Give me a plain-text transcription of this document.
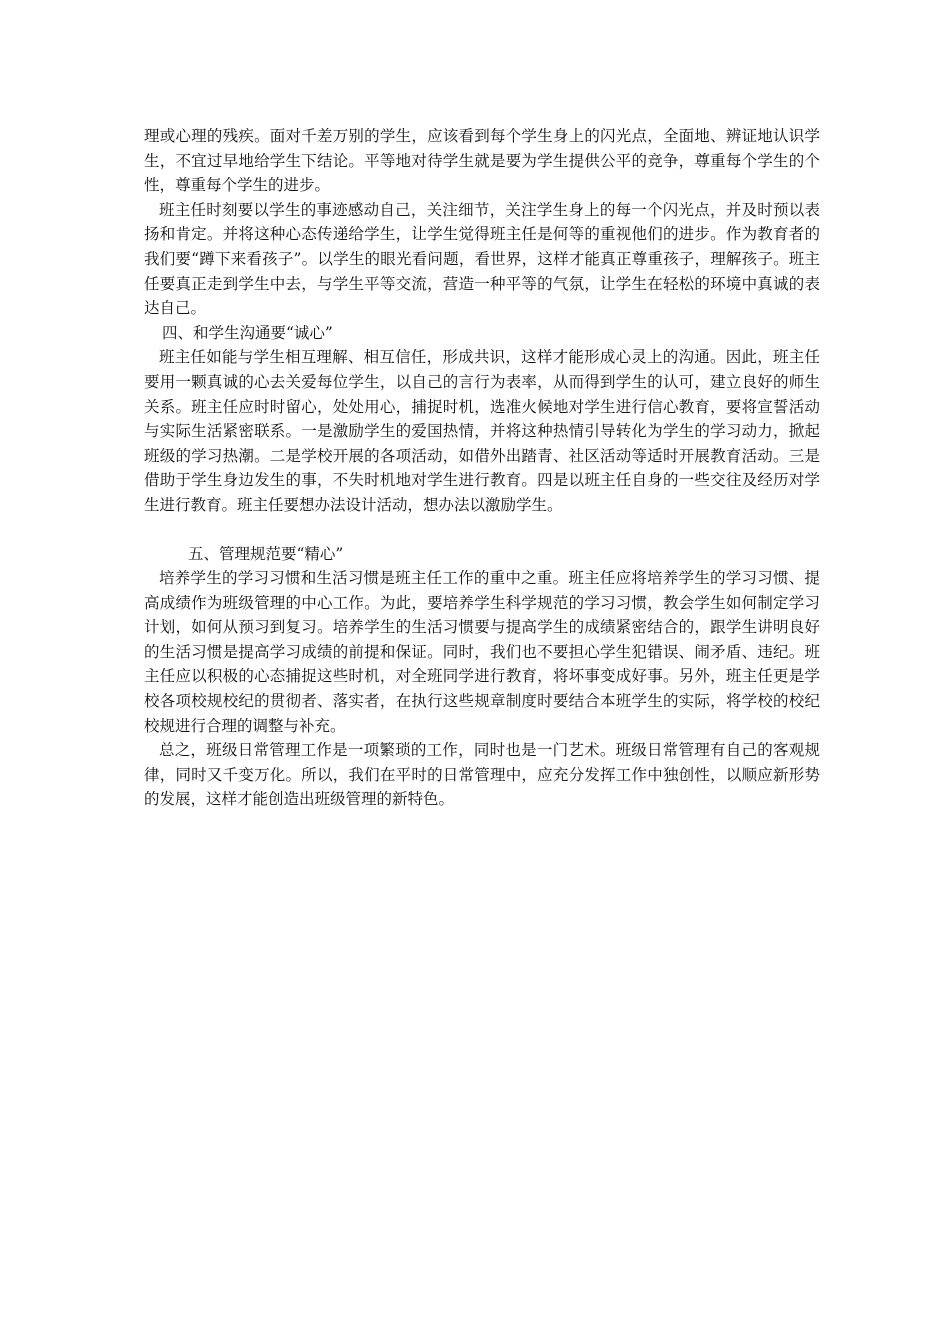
理或心理的残疾。面对千差万别的学生，应该看到每个学生身上的闪光点，全面地、辨证地认识学生，不宜过早地给学生下结论。平等地对待学生就是要为学生提供公平的竞争，尊重每个学生的个性，尊重每个学生的进步。

班主任时刻要以学生的事迹感动自己，关注细节，关注学生身上的每一个闪光点，并及时预以表扬和肯定。并将这种心态传递给学生，让学生觉得班主任是何等的重视他们的进步。作为教育者的我们要“蹲下来看孩子”。以学生的眼光看问题，看世界，这样才能真正尊重孩子，理解孩子。班主任要真正走到学生中去，与学生平等交流，营造一种平等的气氛，让学生在轻松的环境中真诚的表达自己。

四、和学生沟通要“诚心”

班主任如能与学生相互理解、相互信任，形成共识，这样才能形成心灵上的沟通。因此，班主任要用一颗真诚的心去关爱每位学生，以自己的言行为表率，从而得到学生的认可，建立良好的师生关系。班主任应时时留心，处处用心，捕捉时机，选准火候地对学生进行信心教育，要将宣誓活动与实际生活紧密联系。一是激励学生的爱国热情，并将这种热情引导转化为学生的学习动力，掀起班级的学习热潮。二是学校开展的各项活动，如借外出踏青、社区活动等适时开展教育活动。三是借助于学生身边发生的事，不失时机地对学生进行教育。四是以班主任自身的一些交往及经历对学生进行教育。班主任要想办法设计活动，想办法以激励学生。

五、管理规范要“精心”

培养学生的学习习惯和生活习惯是班主任工作的重中之重。班主任应将培养学生的学习习惯、提高成绩作为班级管理的中心工作。为此，要培养学生科学规范的学习习惯，教会学生如何制定学习计划，如何从预习到复习。培养学生的生活习惯要与提高学生的成绩紧密结合的，跟学生讲明良好的生活习惯是提高学习成绩的前提和保证。同时，我们也不要担心学生犯错误、闹矛盾、违纪。班主任应以积极的心态捕捉这些时机，对全班同学进行教育，将坏事变成好事。另外，班主任更是学校各项校规校纪的贯彻者、落实者，在执行这些规章制度时要结合本班学生的实际，将学校的校纪校规进行合理的调整与补充。

总之，班级日常管理工作是一项繁琐的工作，同时也是一门艺术。班级日常管理有自己的客观规律，同时又千变万化。所以，我们在平时的日常管理中，应充分发挥工作中独创性，以顺应新形势的发展，这样才能创造出班级管理的新特色。
